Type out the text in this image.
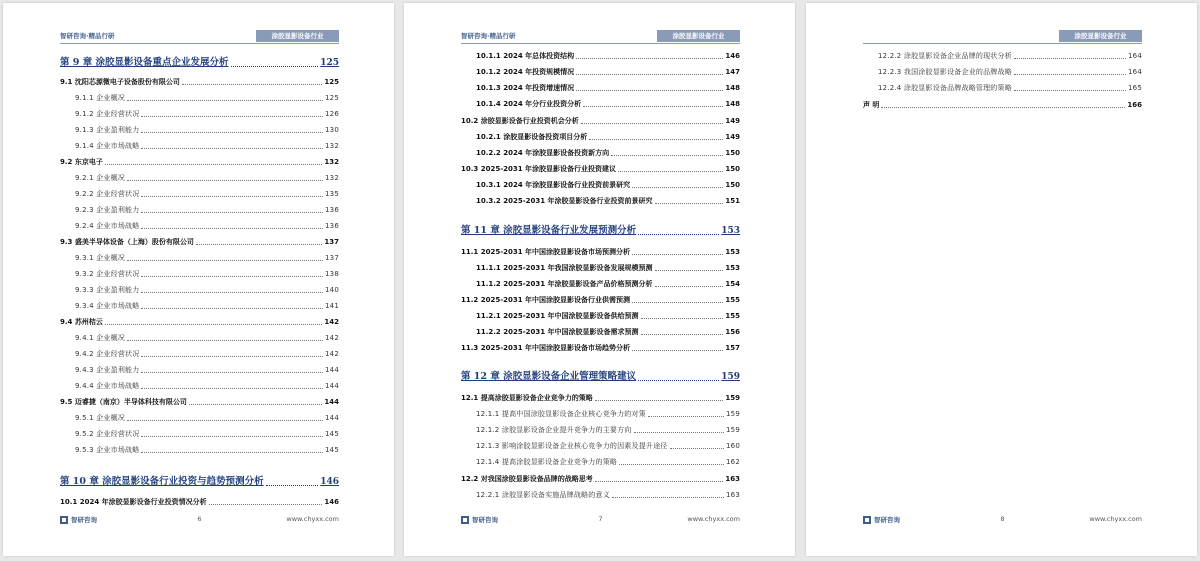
智研咨询·精品行研	涂胶显影设备行业
第 9 章 涂胶显影设备重点企业发展分析	125
9.1 沈阳芯源微电子设备股份有限公司	125
9.1.1 企业概况	125
9.1.2 企业经营状况	126
9.1.3 企业盈利能力	130
9.1.4 企业市场战略	132
9.2 东京电子	132
9.2.1 企业概况	132
9.2.2 企业经营状况	135
9.2.3 企业盈利能力	136
9.2.4 企业市场战略	136
9.3 盛美半导体设备（上海）股份有限公司	137
9.3.1 企业概况	137
9.3.2 企业经营状况	138
9.3.3 企业盈利能力	140
9.3.4 企业市场战略	141
9.4 苏州桔云	142
9.4.1 企业概况	142
9.4.2 企业经营状况	142
9.4.3 企业盈利能力	144
9.4.4 企业市场战略	144
9.5 迈睿捷（南京）半导体科技有限公司	144
9.5.1 企业概况	144
9.5.2 企业经营状况	145
9.5.3 企业市场战略	145
第 10 章 涂胶显影设备行业投资与趋势预测分析	146
10.1 2024 年涂胶显影设备行业投资情况分析	146
智研咨询	6	www.chyxx.com
智研咨询·精品行研	涂胶显影设备行业
10.1.1 2024 年总体投资结构	146
10.1.2 2024 年投资规模情况	147
10.1.3 2024 年投资增速情况	148
10.1.4 2024 年分行业投资分析	148
10.2 涂胶显影设备行业投资机会分析	149
10.2.1 涂胶显影设备投资项目分析	149
10.2.2 2024 年涂胶显影设备投资新方向	150
10.3 2025-2031 年涂胶显影设备行业投资建议	150
10.3.1 2024 年涂胶显影设备行业投资前景研究	150
10.3.2 2025-2031 年涂胶显影设备行业投资前景研究	151
第 11 章 涂胶显影设备行业发展预测分析	153
11.1 2025-2031 年中国涂胶显影设备市场预测分析	153
11.1.1 2025-2031 年我国涂胶显影设备发展规模预测	153
11.1.2 2025-2031 年涂胶显影设备产品价格预测分析	154
11.2 2025-2031 年中国涂胶显影设备行业供需预测	155
11.2.1 2025-2031 年中国涂胶显影设备供给预测	155
11.2.2 2025-2031 年中国涂胶显影设备需求预测	156
11.3 2025-2031 年中国涂胶显影设备市场趋势分析	157
第 12 章 涂胶显影设备企业管理策略建议	159
12.1 提高涂胶显影设备企业竞争力的策略	159
12.1.1 提高中国涂胶显影设备企业核心竞争力的对策	159
12.1.2 涂胶显影设备企业提升竞争力的主要方向	159
12.1.3 影响涂胶显影设备企业核心竞争力的因素及提升途径	160
12.1.4 提高涂胶显影设备企业竞争力的策略	162
12.2 对我国涂胶显影设备品牌的战略思考	163
12.2.1 涂胶显影设备实施品牌战略的意义	163
智研咨询	7	www.chyxx.com
涂胶显影设备行业
12.2.2 涂胶显影设备企业品牌的现状分析	164
12.2.3 我国涂胶显影设备企业的品牌战略	164
12.2.4 涂胶显影设备品牌战略管理的策略	165
声 明	166
智研咨询	8	www.chyxx.com
